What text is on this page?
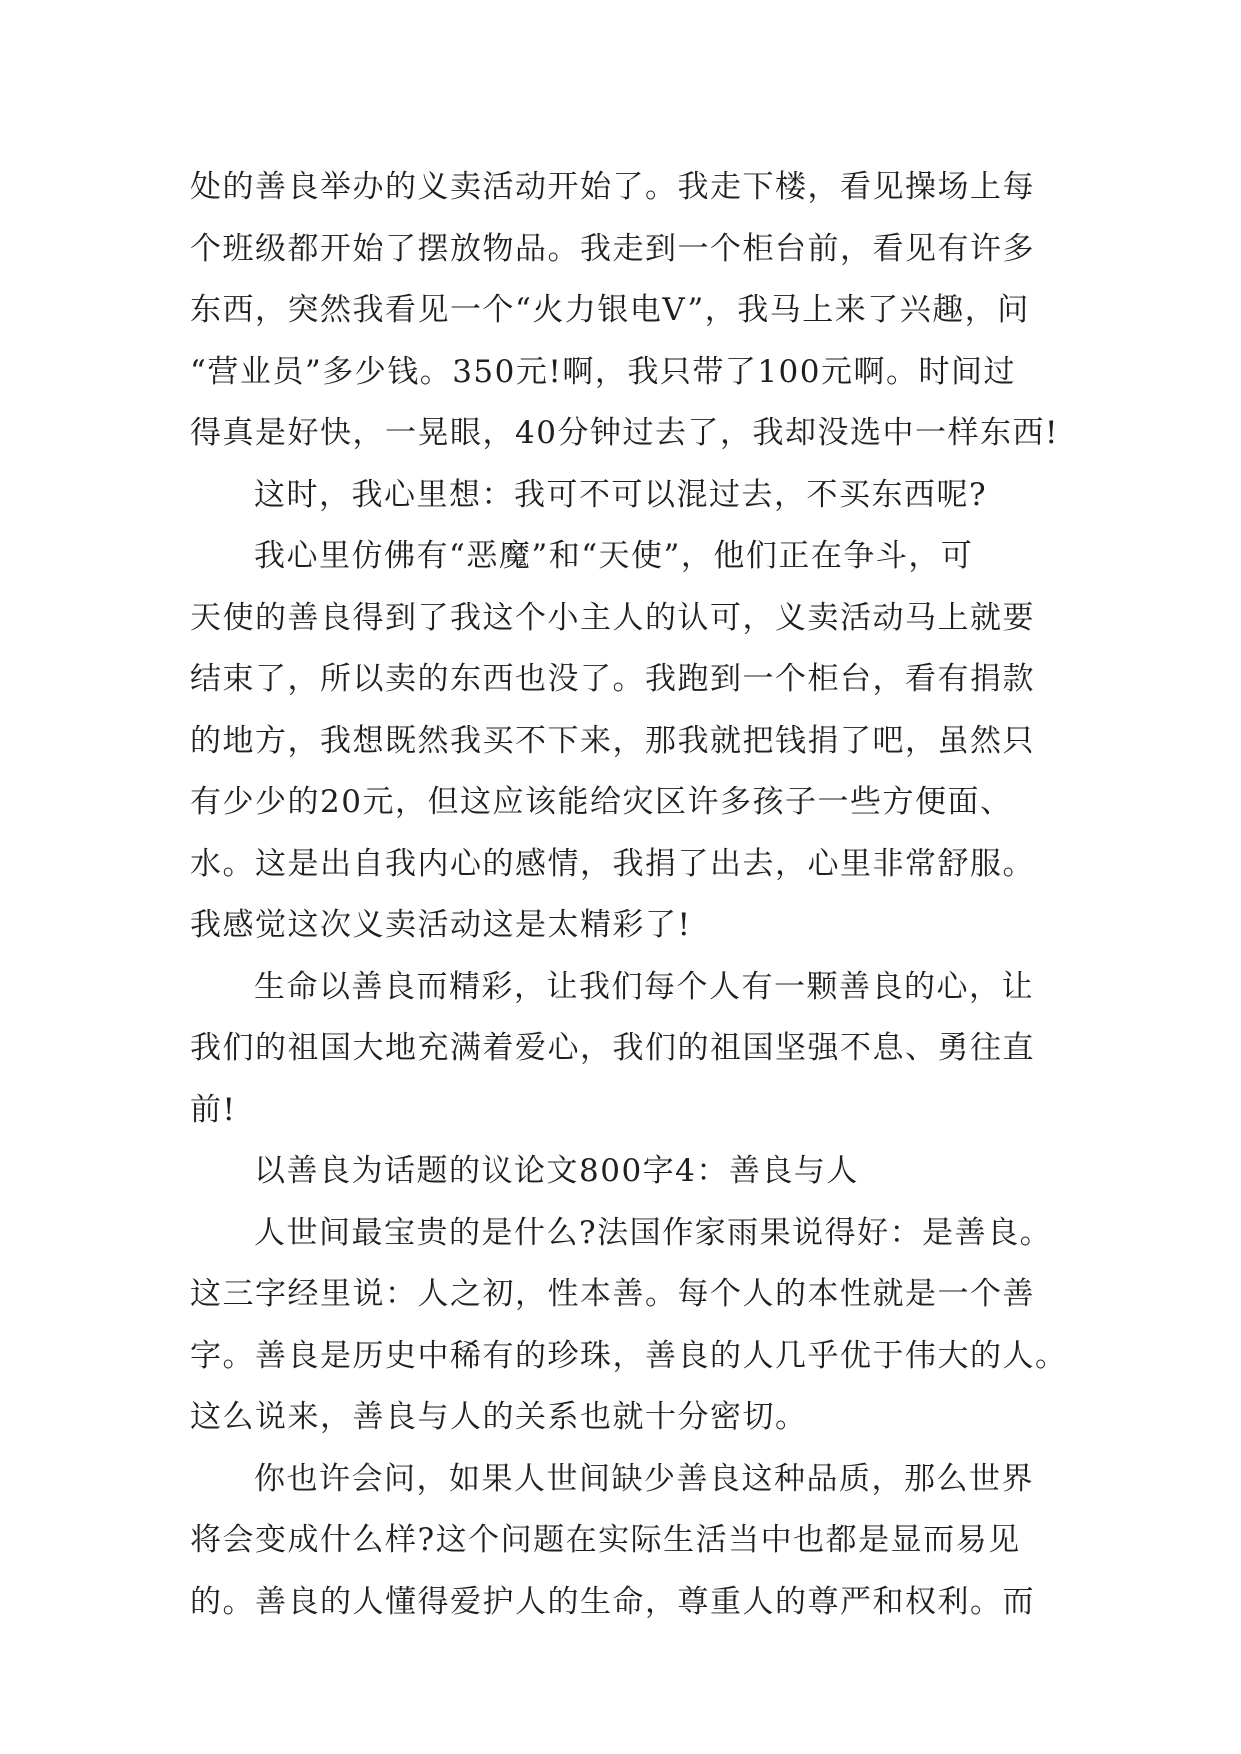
处的善良举办的义卖活动开始了。我走下楼，看见操场上每
个班级都开始了摆放物品。我走到一个柜台前，看见有许多
东西，突然我看见一个“火力银电V”，我马上来了兴趣，问
“营业员”多少钱。350元!啊，我只带了100元啊。时间过
得真是好快，一晃眼，40分钟过去了，我却没选中一样东西!
这时，我心里想：我可不可以混过去，不买东西呢?
我心里仿佛有“恶魔”和“天使”，他们正在争斗，可
天使的善良得到了我这个小主人的认可，义卖活动马上就要
结束了，所以卖的东西也没了。我跑到一个柜台，看有捐款
的地方，我想既然我买不下来，那我就把钱捐了吧，虽然只
有少少的20元，但这应该能给灾区许多孩子一些方便面、
水。这是出自我内心的感情，我捐了出去，心里非常舒服。
我感觉这次义卖活动这是太精彩了!
生命以善良而精彩，让我们每个人有一颗善良的心，让
我们的祖国大地充满着爱心，我们的祖国坚强不息、勇往直
前!
以善良为话题的议论文800字4：善良与人
人世间最宝贵的是什么?法国作家雨果说得好：是善良。
这三字经里说：人之初，性本善。每个人的本性就是一个善
字。善良是历史中稀有的珍珠，善良的人几乎优于伟大的人。
这么说来，善良与人的关系也就十分密切。
你也许会问，如果人世间缺少善良这种品质，那么世界
将会变成什么样?这个问题在实际生活当中也都是显而易见
的。善良的人懂得爱护人的生命，尊重人的尊严和权利。而
